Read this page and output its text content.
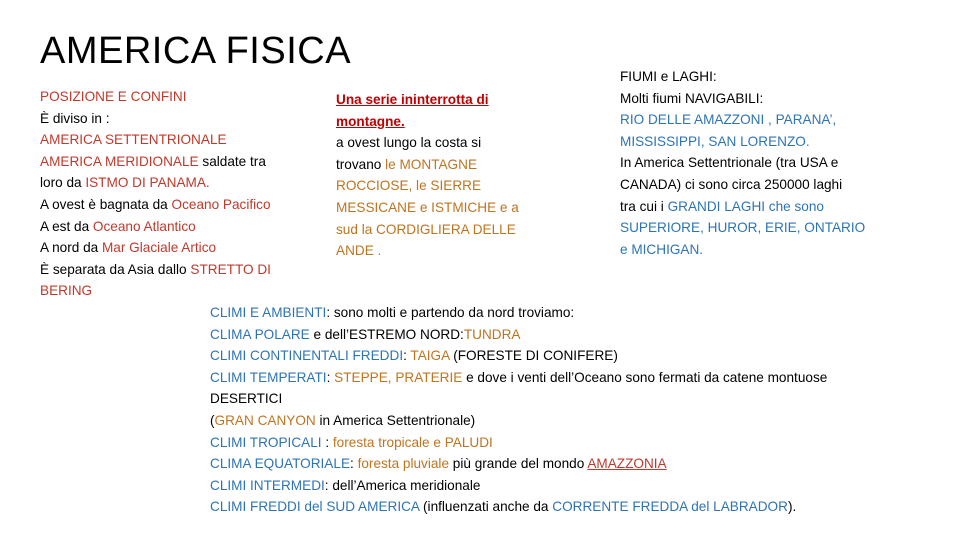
AMERICA FISICA
POSIZIONE E CONFINI
È diviso in :
AMERICA SETTENTRIONALE
AMERICA MERIDIONALE saldate tra
loro da ISTMO DI PANAMA.
A ovest è bagnata da Oceano Pacifico
A est da Oceano Atlantico
A nord da Mar Glaciale Artico
È separata da Asia dallo STRETTO DI
BERING
Una serie ininterrotta di
montagne.
a ovest lungo la costa si
trovano le MONTAGNE
ROCCIOSE, le SIERRE
MESSICANE e ISTMICHE e a
sud la CORDIGLIERA DELLE
ANDE .
FIUMI e LAGHI:
Molti fiumi NAVIGABILI:
RIO DELLE AMAZZONI , PARANA’,
MISSISSIPPI, SAN LORENZO.
In America Settentrionale (tra USA e
CANADA) ci sono circa 250000 laghi
tra cui i GRANDI LAGHI che sono
SUPERIORE, HUROR, ERIE, ONTARIO
e MICHIGAN.
CLIMI E AMBIENTI: sono molti e partendo da nord troviamo:
CLIMA POLARE e dell’ESTREMO NORD:TUNDRA
CLIMI CONTINENTALI FREDDI: TAIGA (FORESTE DI CONIFERE)
CLIMI TEMPERATI: STEPPE, PRATERIE e dove i venti dell’Oceano sono fermati da catene montuose
DESERTICI
(GRAN CANYON in America Settentrionale)
CLIMI TROPICALI : foresta tropicale e PALUDI
CLIMA EQUATORIALE: foresta pluviale più grande del mondo AMAZZONIA
CLIMI INTERMEDI: dell’America meridionale
CLIMI FREDDI del SUD AMERICA (influenzati anche da CORRENTE FREDDA del LABRADOR).
